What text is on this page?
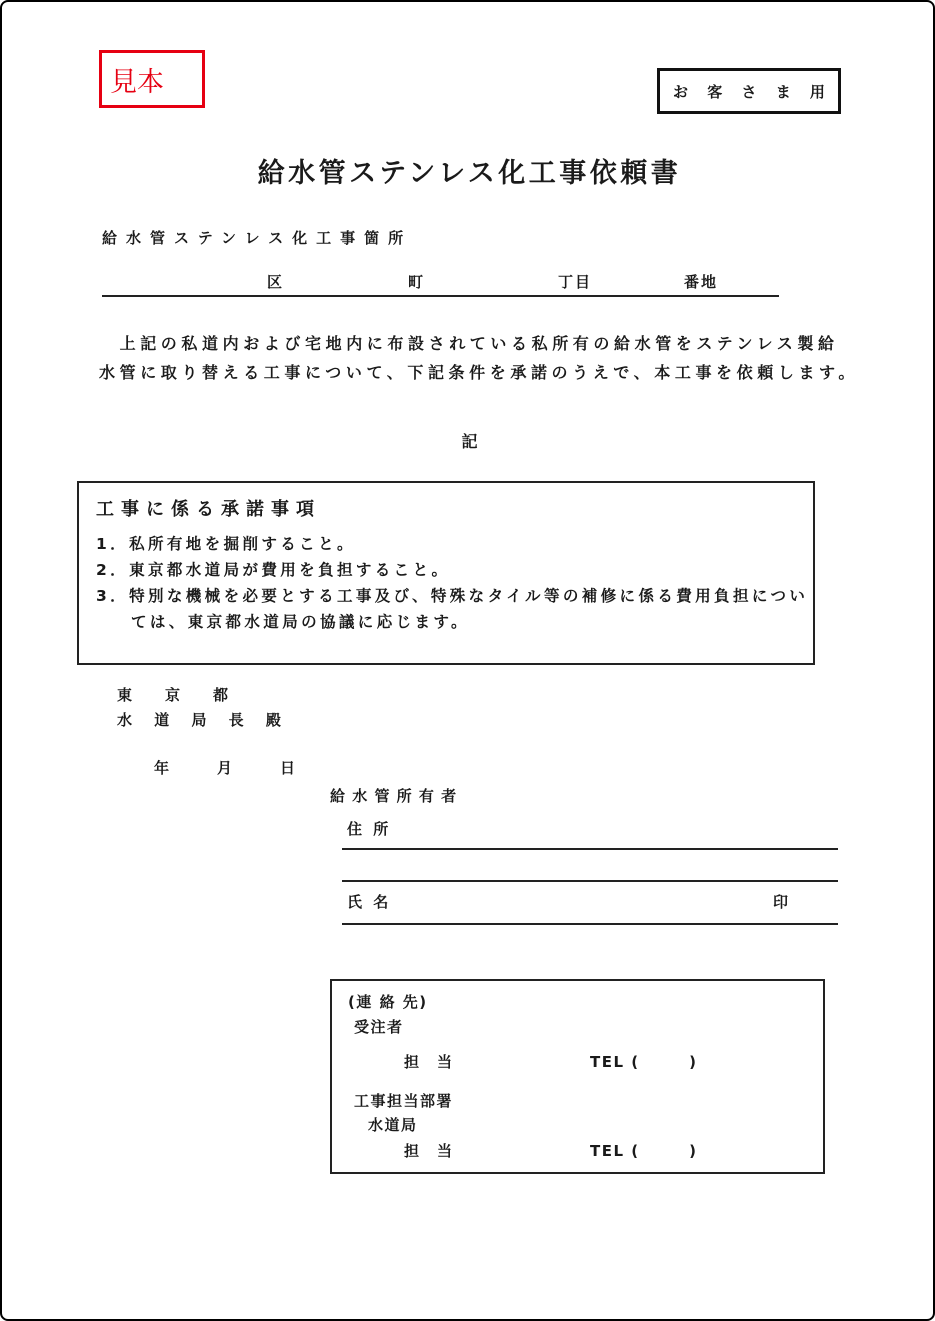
見本	お 客 さ ま 用
給水管ステンレス化工事依頼書
給水管ステンレス化工事箇所
区	町	丁目	番地
　上記の私道内および宅地内に布設されている私所有の給水管をステンレス製給
水管に取り替える工事について、下記条件を承諾のうえで、本工事を依頼します。
記
工事に係る承諾事項
1．私所有地を掘削すること。
2．東京都水道局が費用を負担すること。
3．特別な機械を必要とする工事及び、特殊なタイル等の補修に係る費用負担につい
ては、東京都水道局の協議に応じます。
東　京　都
水 道 局 長 殿
年　　月　　日
給 水 管 所 有 者
住 所
氏 名	印
(連 絡 先)
受注者
担　当	TEL (　　　)
工事担当部署
水道局
担　当	TEL (　　　)
